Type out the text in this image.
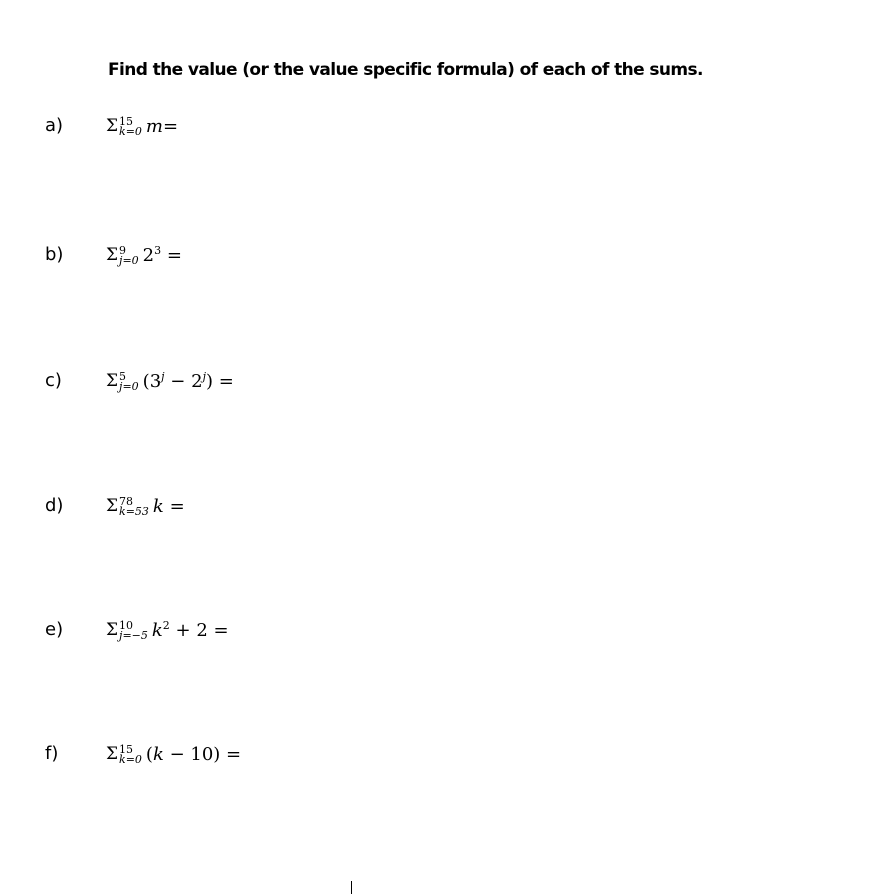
Find the value (or the value specific formula) of each of the sums.
a)	Σ 15
k=0 m=
b)	Σ 9
j=0 $2^3$ =
c)	Σ 5
j=0 $(3^j - 2^j)$ =
d)	Σ 78
k=53 k =
e)	Σ 10
j=−5 $k^2 + 2$ =
f)	Σ 15
k=0 (k − 10) =
